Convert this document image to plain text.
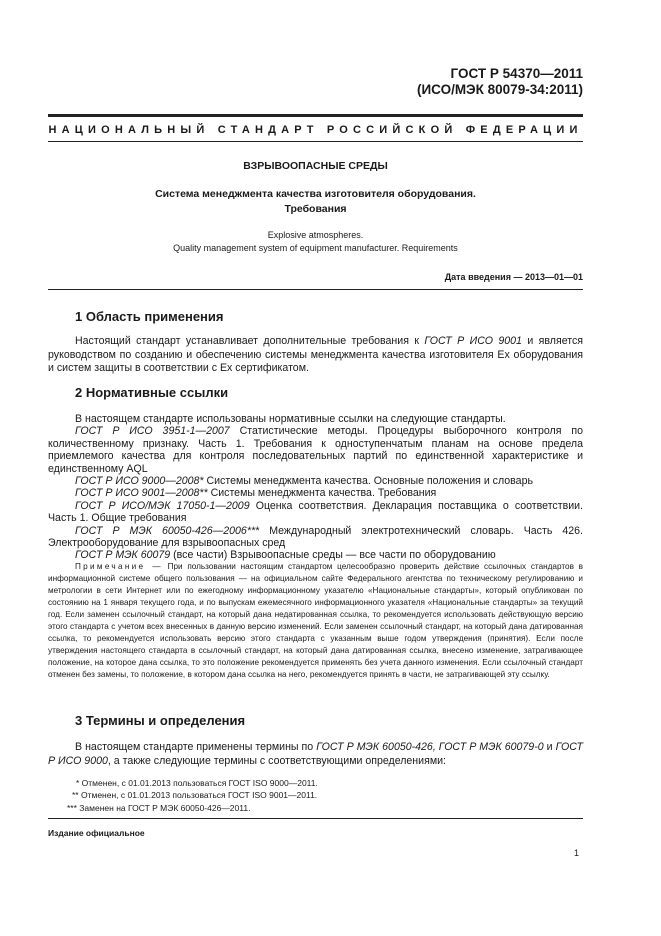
ГОСТ Р 54370—2011
(ИСО/МЭК 80079-34:2011)
НАЦИОНАЛЬНЫЙ СТАНДАРТ РОССИЙСКОЙ ФЕДЕРАЦИИ
ВЗРЫВООПАСНЫЕ СРЕДЫ
Система менеджмента качества изготовителя оборудования.
Требования
Explosive atmospheres.
Quality management system of equipment manufacturer. Requirements
Дата введения — 2013—01—01
1 Область применения
Настоящий стандарт устанавливает дополнительные требования к ГОСТ Р ИСО 9001 и является руководством по созданию и обеспечению системы менеджмента качества изготовителя Ех оборудования и систем защиты в соответствии с Ех сертификатом.
2 Нормативные ссылки
В настоящем стандарте использованы нормативные ссылки на следующие стандарты.
ГОСТ Р ИСО 3951-1—2007 Статистические методы. Процедуры выборочного контроля по количественному признаку. Часть 1. Требования к одноступенчатым планам на основе предела приемлемого качества для контроля последовательных партий по единственной характеристике и единственному AQL
ГОСТ Р ИСО 9000—2008* Системы менеджмента качества. Основные положения и словарь
ГОСТ Р ИСО 9001—2008** Системы менеджмента качества. Требования
ГОСТ Р ИСО/МЭК 17050-1—2009 Оценка соответствия. Декларация поставщика о соответствии. Часть 1. Общие требования
ГОСТ Р МЭК 60050-426—2006*** Международный электротехнический словарь. Часть 426. Электрооборудование для взрывоопасных сред
ГОСТ Р МЭК 60079 (все части) Взрывоопасные среды — все части по оборудованию
Примечание — При пользовании настоящим стандартом целесообразно проверить действие ссылочных стандартов в информационной системе общего пользования — на официальном сайте Федерального агентства по техническому регулированию и метрологии в сети Интернет или по ежегодному информационному указателю «Национальные стандарты», который опубликован по состоянию на 1 января текущего года, и по выпускам ежемесячного информационного указателя «Национальные стандарты» за текущий год. Если заменен ссылочный стандарт, на который дана недатированная ссылка, то рекомендуется использовать действующую версию этого стандарта с учетом всех внесенных в данную версию изменений. Если заменен ссылочный стандарт, на который дана датированная ссылка, то рекомендуется использовать версию этого стандарта с указанным выше годом утверждения (принятия). Если после утверждения настоящего стандарта в ссылочный стандарт, на который дана датированная ссылка, внесено изменение, затрагивающее положение, на которое дана ссылка, то это положение рекомендуется применять без учета данного изменения. Если ссылочный стандарт отменен без замены, то положение, в котором дана ссылка на него, рекомендуется принять в части, не затрагивающей эту ссылку.
3 Термины и определения
В настоящем стандарте применены термины по ГОСТ Р МЭК 60050-426, ГОСТ Р МЭК 60079-0 и ГОСТ Р ИСО 9000, а также следующие термины с соответствующими определениями:
* Отменен, с 01.01.2013 пользоваться ГОСТ ISO 9000—2011.
** Отменен, с 01.01.2013 пользоваться ГОСТ ISO 9001—2011.
*** Заменен на ГОСТ Р МЭК 60050-426—2011.
Издание официальное
1
